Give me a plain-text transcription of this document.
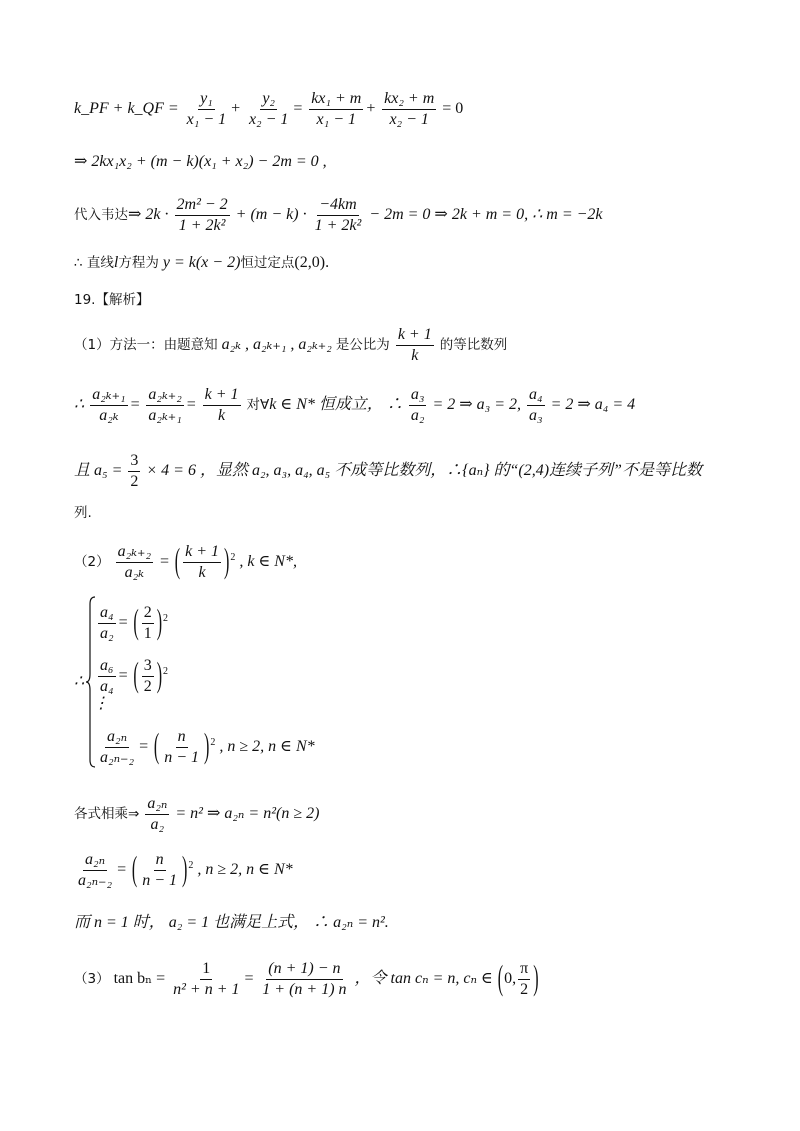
k_PF + k_QF = $\frac{\text{y₁}}{\text{x₁ − 1}} + \frac{\text{y₂}}{\text{x₂ − 1}} = \frac{\text{kx₁ + m}}{\text{x₁ − 1}} + \frac{\text{kx₂ + m}}{\text{x₂ − 1}} = 0$
⇒ 2kx₁x₂ + (m − k)(x₁ + x₂) − 2m = 0 ,
代入韦达⇒ $2k \cdot \frac{\text{2m² − 2}}{\text{1 + 2k²}} + (m - k) \cdot \frac{-4km}{\text{1 + 2k²}} - 2m = 0$ ⇒ 2k + m = 0, ∴ m = −2k
∴ 直线l方程为 y = k(x − 2)恒过定点(2,0).
19.【解析】
（1）方法一：由题意知 a₂ₖ , a₂ₖ₊₁ , a₂ₖ₊₂ 是公比为 $\frac{k + 1}{k}$ 的等比数列
∴ $\frac{\text{a₂ₖ₊₁}}{\text{a₂ₖ}} = \frac{\text{a₂ₖ₊₂}}{\text{a₂ₖ₊₁}} = \frac{k + 1}{k}$ 对∀k ∈ N* 恒成立， ∴ $\frac{\text{a₃}}{\text{a₂}} = 2$ ⇒ a₃ = 2, $\frac{\text{a₄}}{\text{a₃}} = 2$ ⇒ a₄ = 4
且 $a_5 = \frac{3}{2} \times 4 = 6$ ，显然 a₂, a₃, a₄, a₅ 不成等比数列，∴{aₙ} 的“(2,4)连续子列”不是等比数
列.
$(2) \frac{\text{a₂ₖ₊₂}}{\text{a₂ₖ}}$ = ( $\frac{k + 1}{k} )^2$ , k ∈ N*,
∴
$\frac{\text{a₄}}{\text{a₂}}$ = ( $\frac{2}{1} )^2$
$\frac{\text{a₆}}{\text{a₄}}$ = ( $\frac{3}{2} )^2$
⋮
$\frac{\text{a₂ₙ}}{\text{a₂ₙ₋₂}}$ = ( $\frac{n}{n - 1} )^2$ , n ≥ 2, n ∈ N*
各式相乘⇒ $\frac{\text{a₂ₙ}}{\text{a₂}} = n^2$ ⇒ a₂ₙ = n²(n ≥ 2)
$\frac{\text{a₂ₙ}}{\text{a₂ₙ₋₂}}$ = ( $\frac{n}{n - 1} )^2$ , n ≥ 2, n ∈ N*
而 n = 1 时， a₂ = 1 也满足上式， ∴ a₂ₙ = n².
（3） $\tan b_n = \frac{1}{\text{n² + n + 1}} = \frac{(n + 1) - n}{1 + (n + 1) n}$ ，令 tan cₙ = n, cₙ ∈ (0, $\frac{\pi}{2}$ )
